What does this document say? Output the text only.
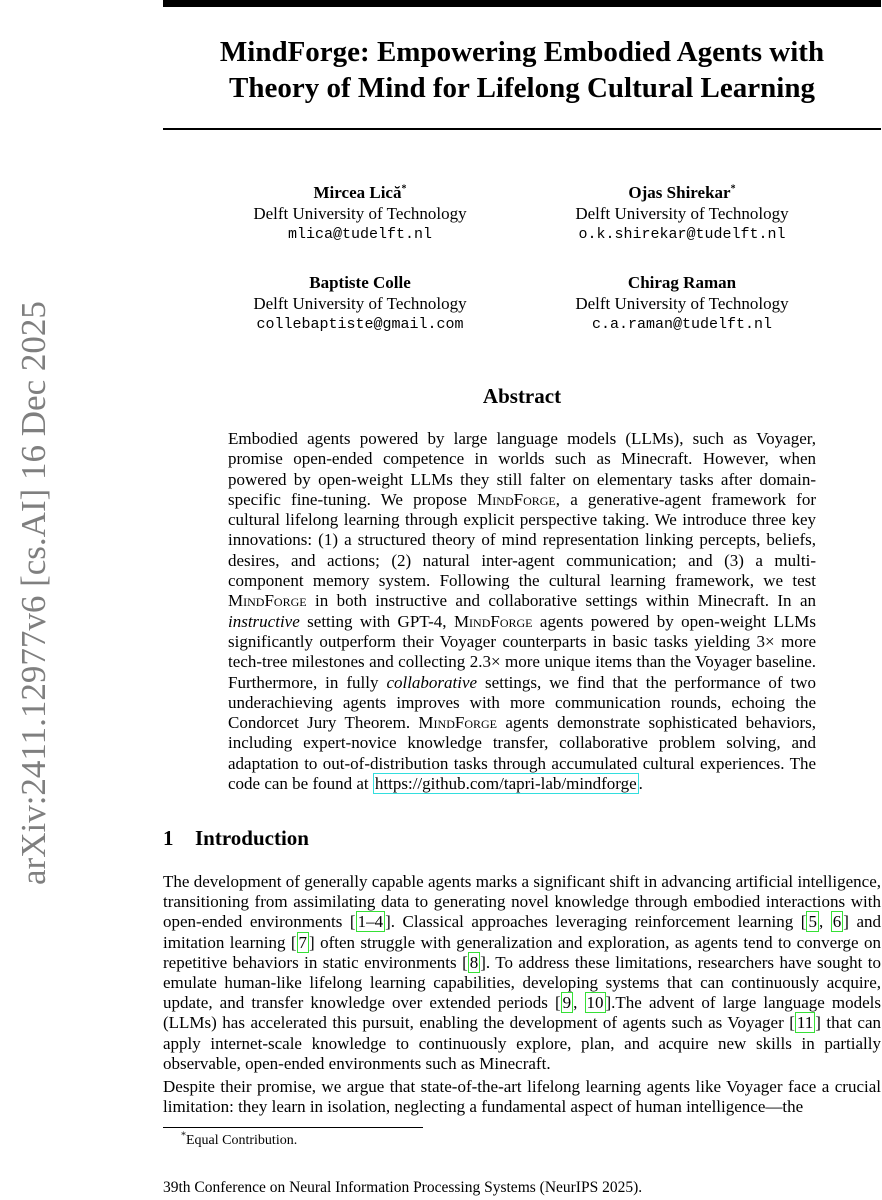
arXiv:2411.12977v6 [cs.AI] 16 Dec 2025
MindForge: Empowering Embodied Agents with
Theory of Mind for Lifelong Cultural Learning
Mircea Lică*
Delft University of Technology
mlica@tudelft.nl
Ojas Shirekar*
Delft University of Technology
o.k.shirekar@tudelft.nl
Baptiste Colle
Delft University of Technology
collebaptiste@gmail.com
Chirag Raman
Delft University of Technology
c.a.raman@tudelft.nl
Abstract
Embodied agents powered by large language models (LLMs), such as Voyager, promise open-ended competence in worlds such as Minecraft. However, when powered by open-weight LLMs they still falter on elementary tasks after domain-specific fine-tuning. We propose MindForge, a generative-agent framework for cultural lifelong learning through explicit perspective taking. We introduce three key innovations: (1) a structured theory of mind representation linking percepts, beliefs, desires, and actions; (2) natural inter-agent communication; and (3) a multi-component memory system. Following the cultural learning framework, we test MindForge in both instructive and collaborative settings within Minecraft. In an instructive setting with GPT-4, MindForge agents powered by open-weight LLMs significantly outperform their Voyager counterparts in basic tasks yielding 3× more tech-tree milestones and collecting 2.3× more unique items than the Voyager baseline. Furthermore, in fully collaborative settings, we find that the performance of two underachieving agents improves with more communication rounds, echoing the Condorcet Jury Theorem. MindForge agents demonstrate sophisticated behaviors, including expert-novice knowledge transfer, collaborative problem solving, and adaptation to out-of-distribution tasks through accumulated cultural experiences. The code can be found at https://github.com/tapri-lab/mindforge .
1 Introduction
The development of generally capable agents marks a significant shift in advancing artificial intelligence, transitioning from assimilating data to generating novel knowledge through embodied interactions with open-ended environments [ 1–4 ]. Classical approaches leveraging reinforcement learning [ 5 , 6 ] and imitation learning [ 7 ] often struggle with generalization and exploration, as agents tend to converge on repetitive behaviors in static environments [ 8 ]. To address these limitations, researchers have sought to emulate human-like lifelong learning capabilities, developing systems that can continuously acquire, update, and transfer knowledge over extended periods [ 9 , 10 ].The advent of large language models (LLMs) has accelerated this pursuit, enabling the development of agents such as Voyager [ 11 ] that can apply internet-scale knowledge to continuously explore, plan, and acquire new skills in partially observable, open-ended environments such as Minecraft.
Despite their promise, we argue that state-of-the-art lifelong learning agents like Voyager face a crucial limitation: they learn in isolation, neglecting a fundamental aspect of human intelligence—the
*Equal Contribution.
39th Conference on Neural Information Processing Systems (NeurIPS 2025).
